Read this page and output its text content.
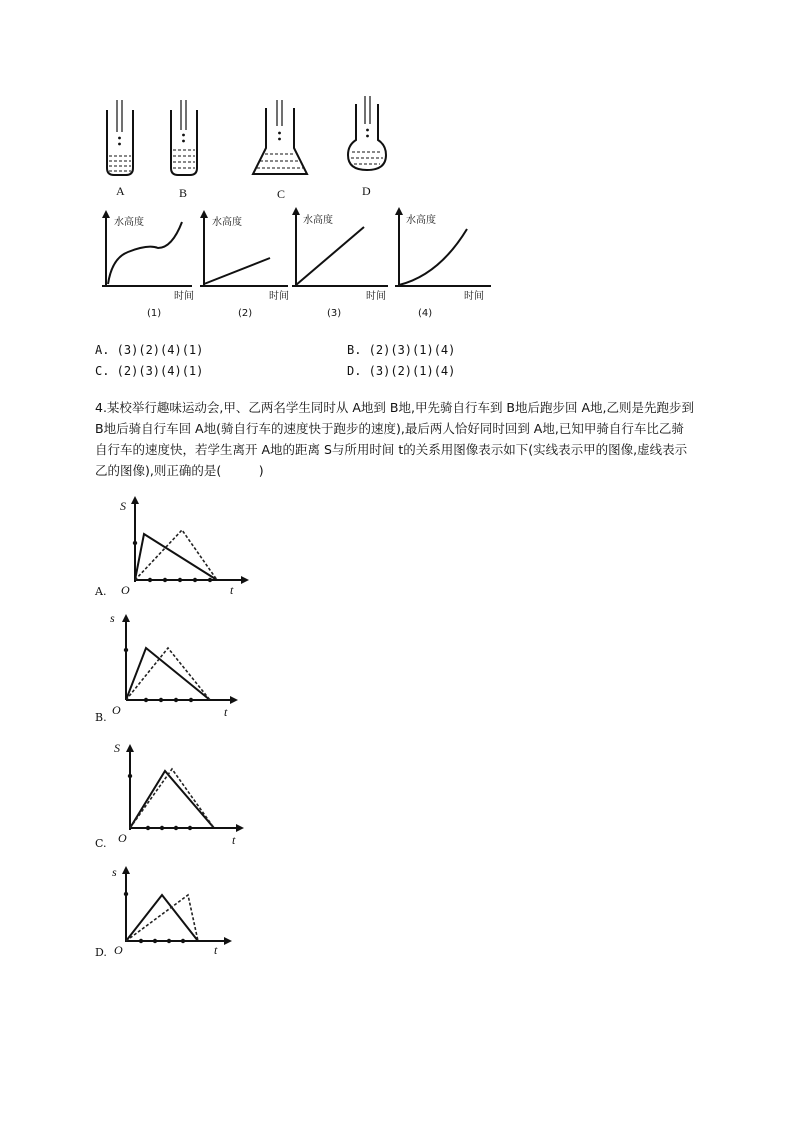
A	B	C	D
水高度
时间
(1)
水高度
时间
(2)
水高度
时间
(3)
水高度
时间
(4)
A. (3)(2)(4)(1)	B. (2)(3)(1)(4)
C. (2)(3)(4)(1)	D. (3)(2)(1)(4)
4.某校举行趣味运动会,甲、乙两名学生同时从 A地到 B地,甲先骑自行车到 B地后跑步回 A地,乙则是先跑步到 B地后骑自行车回 A地(骑自行车的速度快于跑步的速度),最后两人恰好同时回到 A地,已知甲骑自行车比乙骑自行车的速度快，若学生离开 A地的距离 S与所用时间 t的关系用图像表示如下(实线表示甲的图像,虚线表示乙的图像),则正确的是(　　　)
S
O	t
A.
s
O	t
B.
S
O	t
C.
s
O	t
D.
